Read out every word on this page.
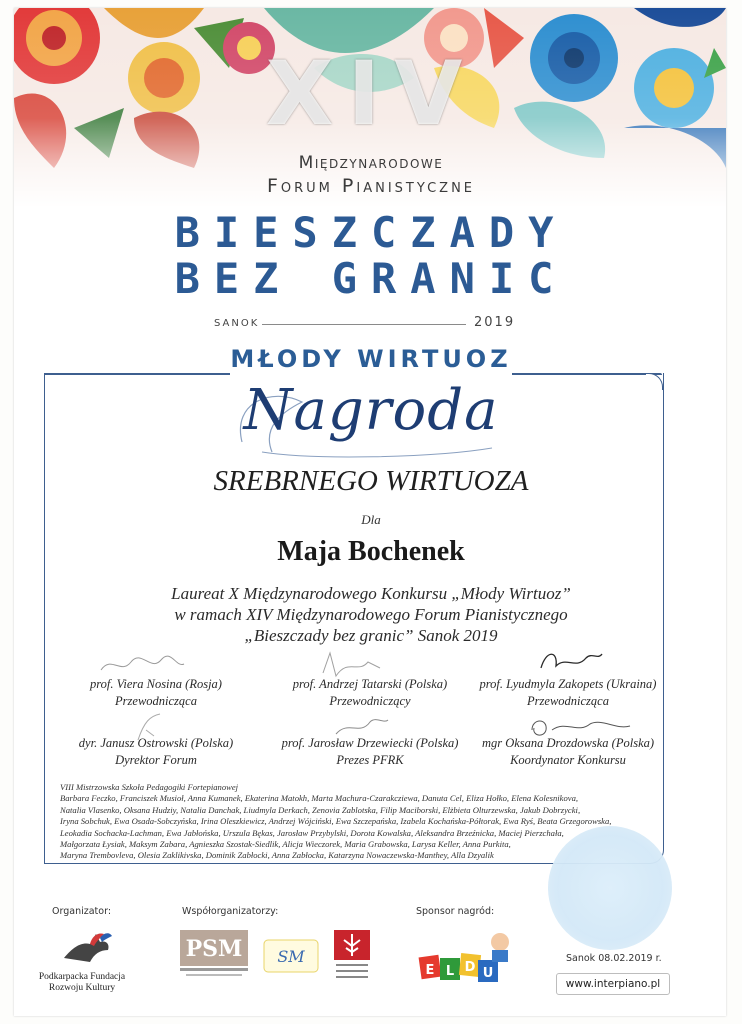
XIV
Międzynarodowe
Forum Pianistyczne
BIESZCZADY
BEZ GRANIC
SANOK	2019
MŁODY WIRTUOZ
Nagroda
SREBRNEGO WIRTUOZA
Dla
Maja Bochenek
Laureat X Międzynarodowego Konkursu „Młody Wirtuoz”
w ramach XIV Międzynarodowego Forum Pianistycznego
„Bieszczady bez granic” Sanok 2019
prof. Viera Nosina (Rosja)
Przewodnicząca
prof. Andrzej Tatarski (Polska)
Przewodniczący
prof. Lyudmyla Zakopets (Ukraina)
Przewodnicząca
dyr. Janusz Ostrowski (Polska)
Dyrektor Forum
prof. Jarosław Drzewiecki (Polska)
Prezes PFRK
mgr Oksana Drozdowska (Polska)
Koordynator Konkursu
VIII Mistrzowska Szkoła Pedagogiki Fortepianowej
Barbara Feczko, Franciszek Musioł, Anna Kumanek, Ekaterina Matokh, Marta Machura-Czarakcziewa, Danuta Cel, Eliza Hołko, Elena Kolesnikova,
Natalia Vlasenko, Oksana Hudziy, Natalia Danchak, Liudmyla Derkach, Zenovia Zablotska, Filip Maciborski, Elżbieta Olturzewska, Jakub Dobrzycki,
Iryna Sobchuk, Ewa Osada-Sobczyńska, Irina Oleszkiewicz, Andrzej Wójciński, Ewa Szczepańska, Izabela Kochańska-Półtorak, Ewa Ryś, Beata Grzegorowska,
Leokadia Sochacka-Lachman, Ewa Jabłońska, Urszula Bękas, Jarosław Przybylski, Dorota Kowalska, Aleksandra Brzeźnicka, Maciej Pierzchała,
Małgorzata Łysiak, Maksym Zabara, Agnieszka Szostak-Siedlik, Alicja Wieczorek, Maria Grabowska, Larysa Keller, Anna Purkita,
Maryna Trembovleva, Olesia Zaklikivska, Dominik Zabłocki, Anna Zabłocka, Katarzyna Nowaczewska-Manthey, Alla Dzyalik
Organizator:	Współorganizatorzy:	Sponsor nagród:
Podkarpacka Fundacja Rozwoju Kultury
PSM SM
E L D U
Sanok 08.02.2019 r.
www.interpiano.pl
